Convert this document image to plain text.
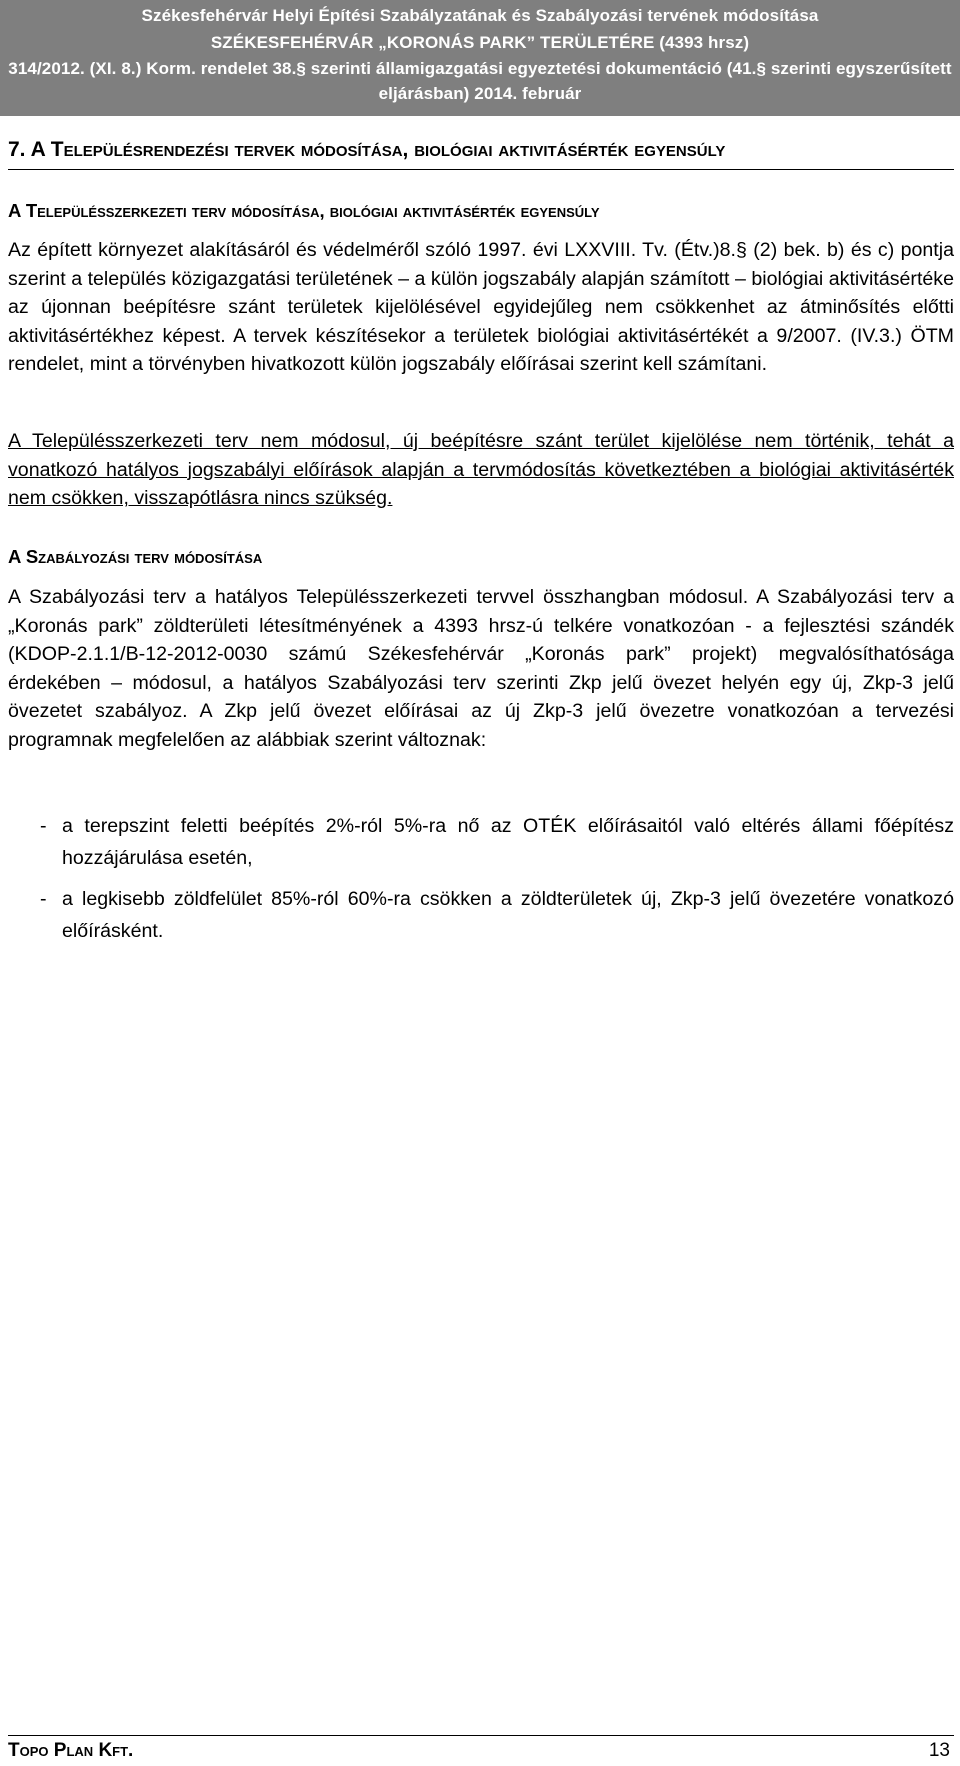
Székesfehérvár Helyi Építési Szabályzatának és Szabályozási tervének módosítása
SZÉKESFEHÉRVÁR „KORONÁS PARK” TERÜLETÉRE (4393 hrsz)
314/2012. (XI. 8.) Korm. rendelet 38.§ szerinti államigazgatási egyeztetési dokumentáció (41.§ szerinti egyszerűsített
eljárásban) 2014. február
7. A Településrendezési tervek módosítása, biológiai aktivitásérték egyensúly
A Településszerkezeti terv módosítása, biológiai aktivitásérték egyensúly
Az épített környezet alakításáról és védelméről szóló 1997. évi LXXVIII. Tv. (Étv.)8.§ (2) bek. b) és c) pontja szerint a település közigazgatási területének – a külön jogszabály alapján számított – biológiai aktivitásértéke az újonnan beépítésre szánt területek kijelölésével egyidejűleg nem csökkenhet az átminősítés előtti aktivitásértékhez képest. A tervek készítésekor a területek biológiai aktivitásértékét a 9/2007. (IV.3.) ÖTM rendelet, mint a törvényben hivatkozott külön jogszabály előírásai szerint kell számítani.
A Településszerkezeti terv nem módosul, új beépítésre szánt terület kijelölése nem történik, tehát a vonatkozó hatályos jogszabályi előírások alapján a tervmódosítás következtében a biológiai aktivitásérték nem csökken, visszapótlásra nincs szükség.
A Szabályozási terv módosítása
A Szabályozási terv a hatályos Településszerkezeti tervvel összhangban módosul. A Szabályozási terv a „Koronás park” zöldterületi létesítményének a 4393 hrsz-ú telkére vonatkozóan - a fejlesztési szándék (KDOP-2.1.1/B-12-2012-0030 számú Székesfehérvár „Koronás park” projekt) megvalósíthatósága érdekében – módosul, a hatályos Szabályozási terv szerinti Zkp jelű övezet helyén egy új, Zkp-3 jelű övezetet szabályoz. A Zkp jelű övezet előírásai az új Zkp-3 jelű övezetre vonatkozóan a tervezési programnak megfelelően az alábbiak szerint változnak:
- a terepszint feletti beépítés 2%-ról 5%-ra nő az OTÉK előírásaitól való eltérés állami főépítész hozzájárulása esetén,
- a legkisebb zöldfelület 85%-ról 60%-ra csökken a zöldterületek új, Zkp-3 jelű övezetére vonatkozó előírásként.
Topo Plan Kft.	13
